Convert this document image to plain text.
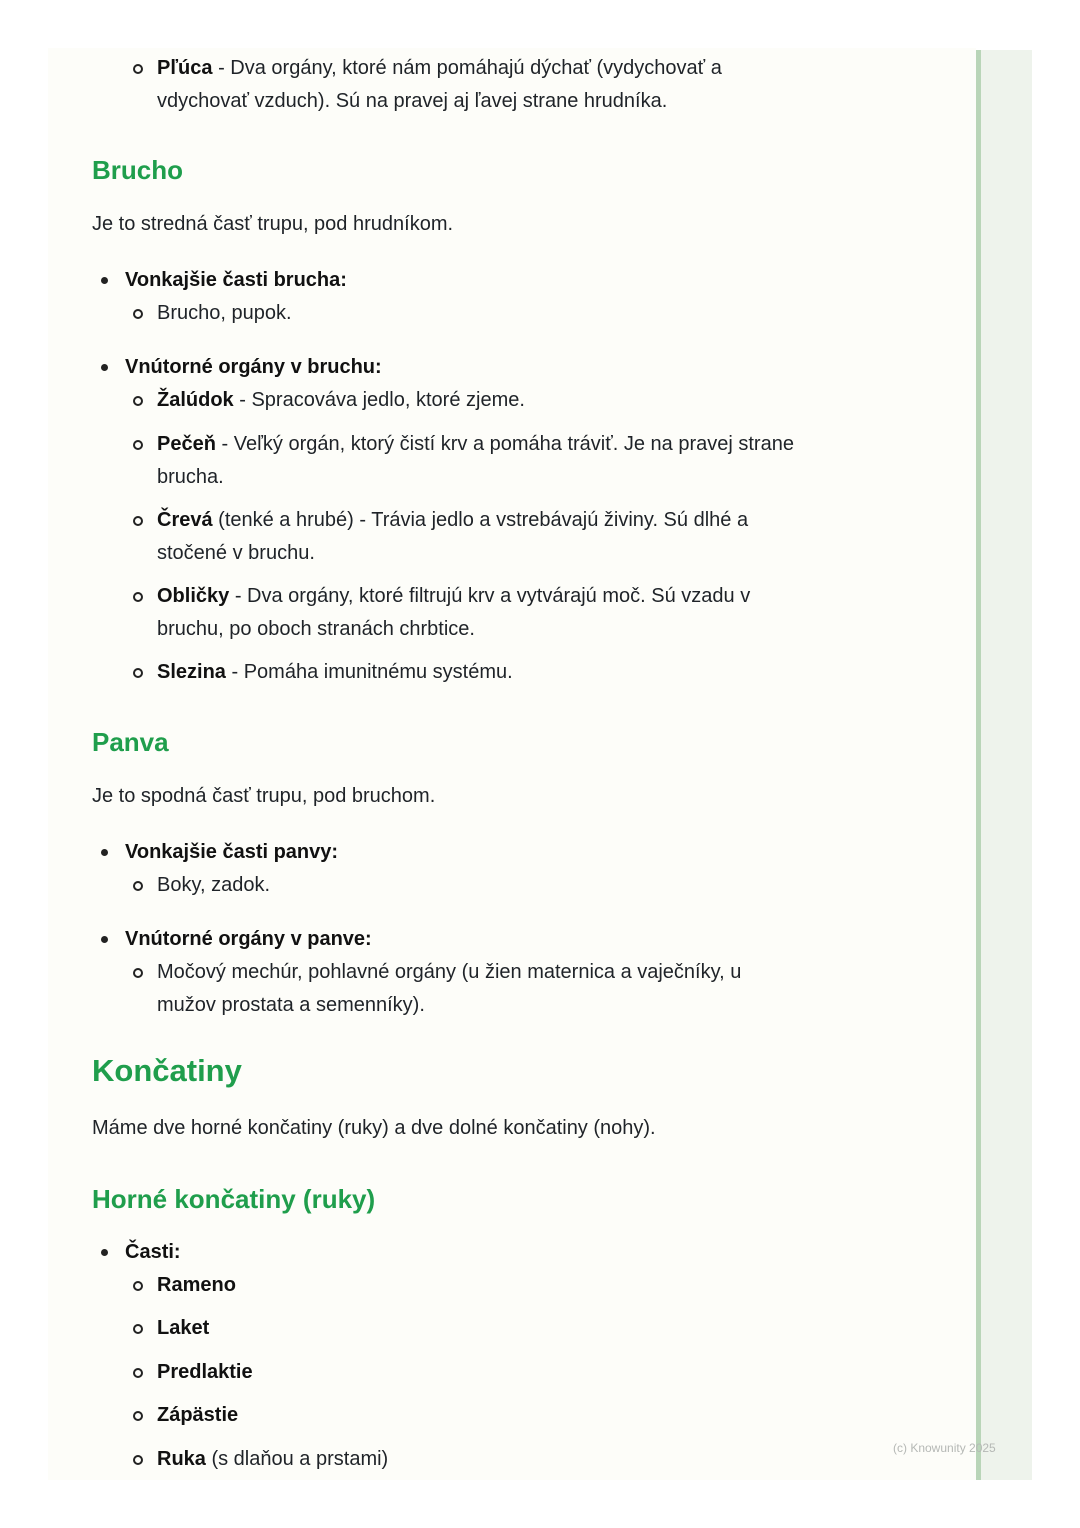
Pľúca - Dva orgány, ktoré nám pomáhajú dýchať (vydychovať a
vdychovať vzduch). Sú na pravej aj ľavej strane hrudníka.
Brucho
Je to stredná časť trupu, pod hrudníkom.
Vonkajšie časti brucha:
Brucho, pupok.
Vnútorné orgány v bruchu:
Žalúdok - Spracováva jedlo, ktoré zjeme.
Pečeň - Veľký orgán, ktorý čistí krv a pomáha tráviť. Je na pravej strane
brucha.
Črevá (tenké a hrubé) - Trávia jedlo a vstrebávajú živiny. Sú dlhé a
stočené v bruchu.
Obličky - Dva orgány, ktoré filtrujú krv a vytvárajú moč. Sú vzadu v
bruchu, po oboch stranách chrbtice.
Slezina - Pomáha imunitnému systému.
Panva
Je to spodná časť trupu, pod bruchom.
Vonkajšie časti panvy:
Boky, zadok.
Vnútorné orgány v panve:
Močový mechúr, pohlavné orgány (u žien maternica a vaječníky, u
mužov prostata a semenníky).
Končatiny
Máme dve horné končatiny (ruky) a dve dolné končatiny (nohy).
Horné končatiny (ruky)
Časti:
Rameno
Laket
Predlaktie
Zápästie
Ruka (s dlaňou a prstami)	(c) Knowunity 2025
